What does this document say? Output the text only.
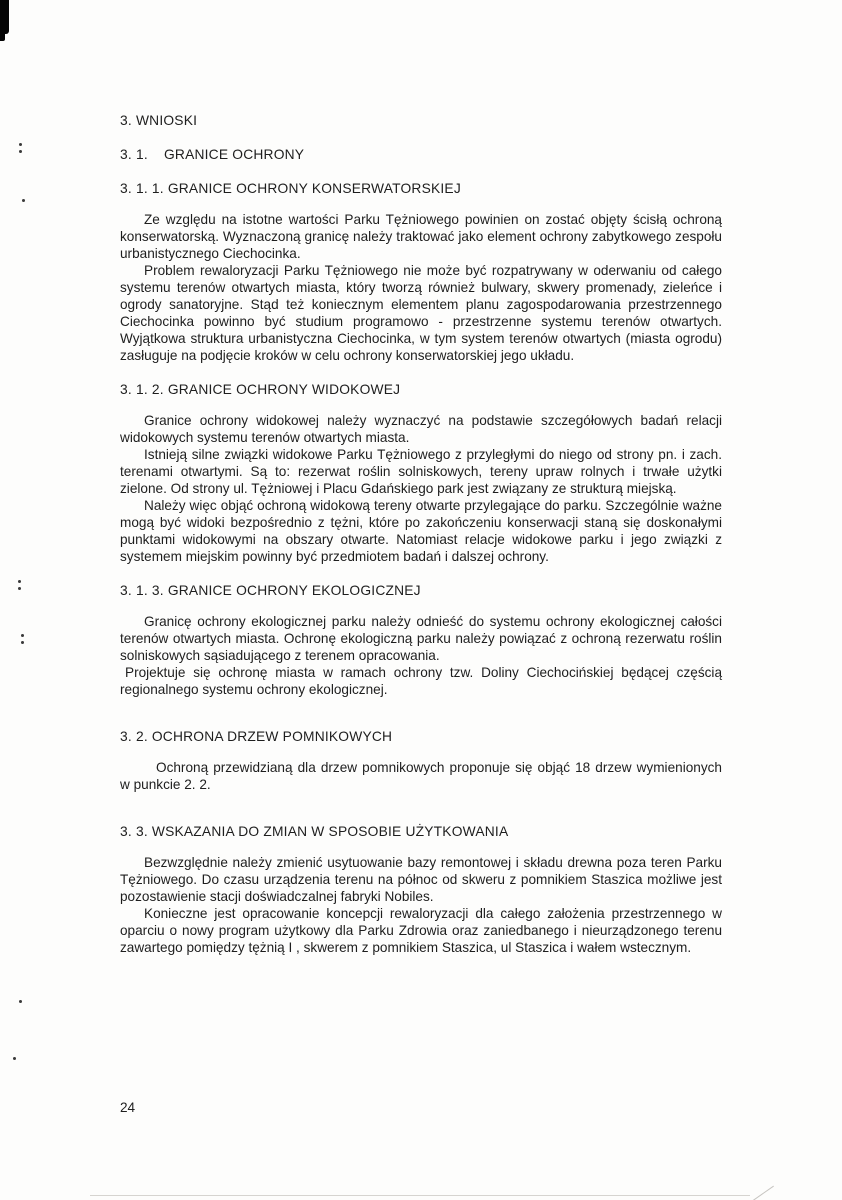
3. WNIOSKI
3. 1.    GRANICE OCHRONY
3. 1. 1. GRANICE OCHRONY KONSERWATORSKIEJ

Ze względu na istotne wartości Parku Tężniowego powinien on zostać objęty ścisłą ochroną konserwatorską. Wyznaczoną granicę należy traktować jako element ochrony zabytkowego zespołu urbanistycznego Ciechocinka.

Problem rewaloryzacji Parku Tężniowego nie może być rozpatrywany w oderwaniu od całego systemu terenów otwartych miasta, który tworzą również bulwary, skwery promenady, zieleńce i ogrody sanatoryjne. Stąd też koniecznym elementem planu zagospodarowania przestrzennego Ciechocinka powinno być studium programowo - przestrzenne systemu terenów otwartych. Wyjątkowa struktura urbanistyczna Ciechocinka, w tym system terenów otwartych (miasta ogrodu) zasługuje na podjęcie kroków w celu ochrony konserwatorskiej jego układu.

3. 1. 2. GRANICE OCHRONY WIDOKOWEJ

Granice ochrony widokowej należy wyznaczyć na podstawie szczegółowych badań relacji widokowych systemu terenów otwartych miasta.

Istnieją silne związki widokowe Parku Tężniowego z przyległymi do niego od strony pn. i zach. terenami otwartymi. Są to: rezerwat roślin solniskowych, tereny upraw rolnych i trwałe użytki zielone. Od strony ul. Tężniowej i Placu Gdańskiego park jest związany ze strukturą miejską.

Należy więc objąć ochroną widokową tereny otwarte przylegające do parku. Szczególnie ważne mogą być widoki bezpośrednio z tężni, które po zakończeniu konserwacji staną się doskonałymi punktami widokowymi na obszary otwarte. Natomiast relacje widokowe parku i jego związki z systemem miejskim powinny być przedmiotem badań i dalszej ochrony.

3. 1. 3. GRANICE OCHRONY EKOLOGICZNEJ

Granicę ochrony ekologicznej parku należy odnieść do systemu ochrony ekologicznej całości terenów otwartych miasta. Ochronę ekologiczną parku należy powiązać z ochroną rezerwatu roślin solniskowych sąsiadującego z terenem opracowania.

Projektuje się ochronę miasta w ramach ochrony tzw. Doliny Ciechocińskiej będącej częścią regionalnego systemu ochrony ekologicznej.

3. 2. OCHRONA DRZEW POMNIKOWYCH

Ochroną przewidzianą dla drzew pomnikowych proponuje się objąć 18 drzew wymienionych w punkcie 2. 2.

3. 3. WSKAZANIA DO ZMIAN W SPOSOBIE UŻYTKOWANIA

Bezwzględnie należy zmienić usytuowanie bazy remontowej i składu drewna poza teren Parku Tężniowego. Do czasu urządzenia terenu na północ od skweru z pomnikiem Staszica możliwe jest pozostawienie stacji doświadczalnej fabryki Nobiles.

Konieczne jest opracowanie koncepcji rewaloryzacji dla całego założenia przestrzennego w oparciu o nowy program użytkowy dla Parku Zdrowia oraz zaniedbanego i nieurządzonego terenu zawartego pomiędzy tężnią I , skwerem z pomnikiem Staszica, ul Staszica i wałem wstecznym.

24
